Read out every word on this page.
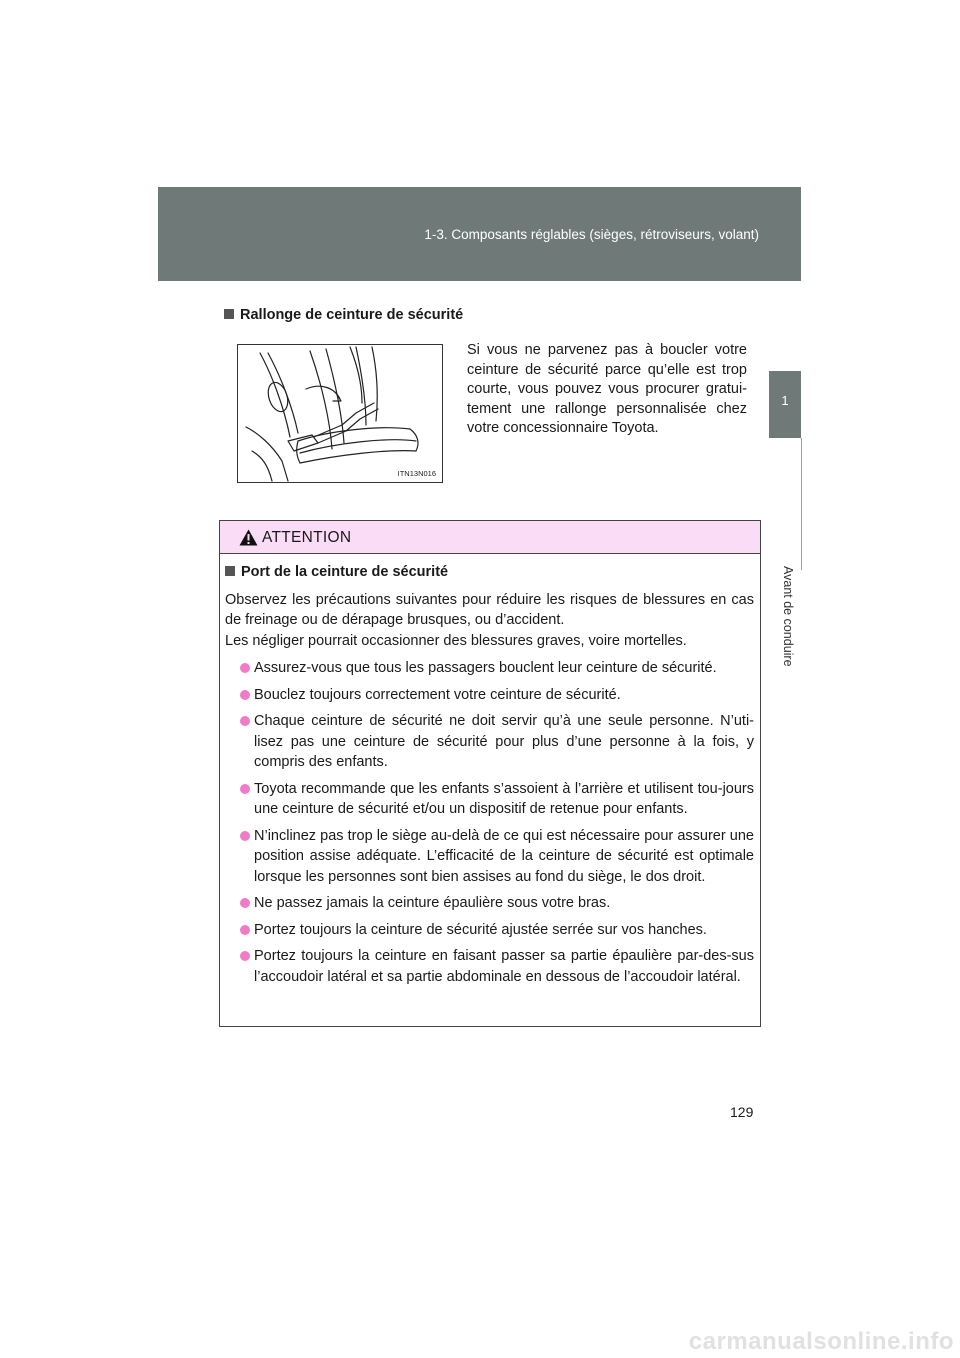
1-3. Composants réglables (sièges, rétroviseurs, volant)
1
Avant de conduire
Rallonge de ceinture de sécurité
ITN13N016
Si vous ne parvenez pas à boucler votre ceinture de sécurité parce qu’elle est trop courte, vous pouvez vous procurer gratui-tement une rallonge personnalisée chez votre concessionnaire Toyota.
ATTENTION

Port de la ceinture de sécurité

Observez les précautions suivantes pour réduire les risques de blessures en cas de freinage ou de dérapage brusques, ou d’accident.

Les négliger pourrait occasionner des blessures graves, voire mortelles.

Assurez-vous que tous les passagers bouclent leur ceinture de sécurité.
Bouclez toujours correctement votre ceinture de sécurité.
Chaque ceinture de sécurité ne doit servir qu’à une seule personne. N’uti-lisez pas une ceinture de sécurité pour plus d’une personne à la fois, y compris des enfants.
Toyota recommande que les enfants s’assoient à l’arrière et utilisent tou-jours une ceinture de sécurité et/ou un dispositif de retenue pour enfants.
N’inclinez pas trop le siège au-delà de ce qui est nécessaire pour assurer une position assise adéquate. L’efficacité de la ceinture de sécurité est optimale lorsque les personnes sont bien assises au fond du siège, le dos droit.
Ne passez jamais la ceinture épaulière sous votre bras.
Portez toujours la ceinture de sécurité ajustée serrée sur vos hanches.
Portez toujours la ceinture en faisant passer sa partie épaulière par-des-sus l’accoudoir latéral et sa partie abdominale en dessous de l’accoudoir latéral.
129
carmanualsonline.info
